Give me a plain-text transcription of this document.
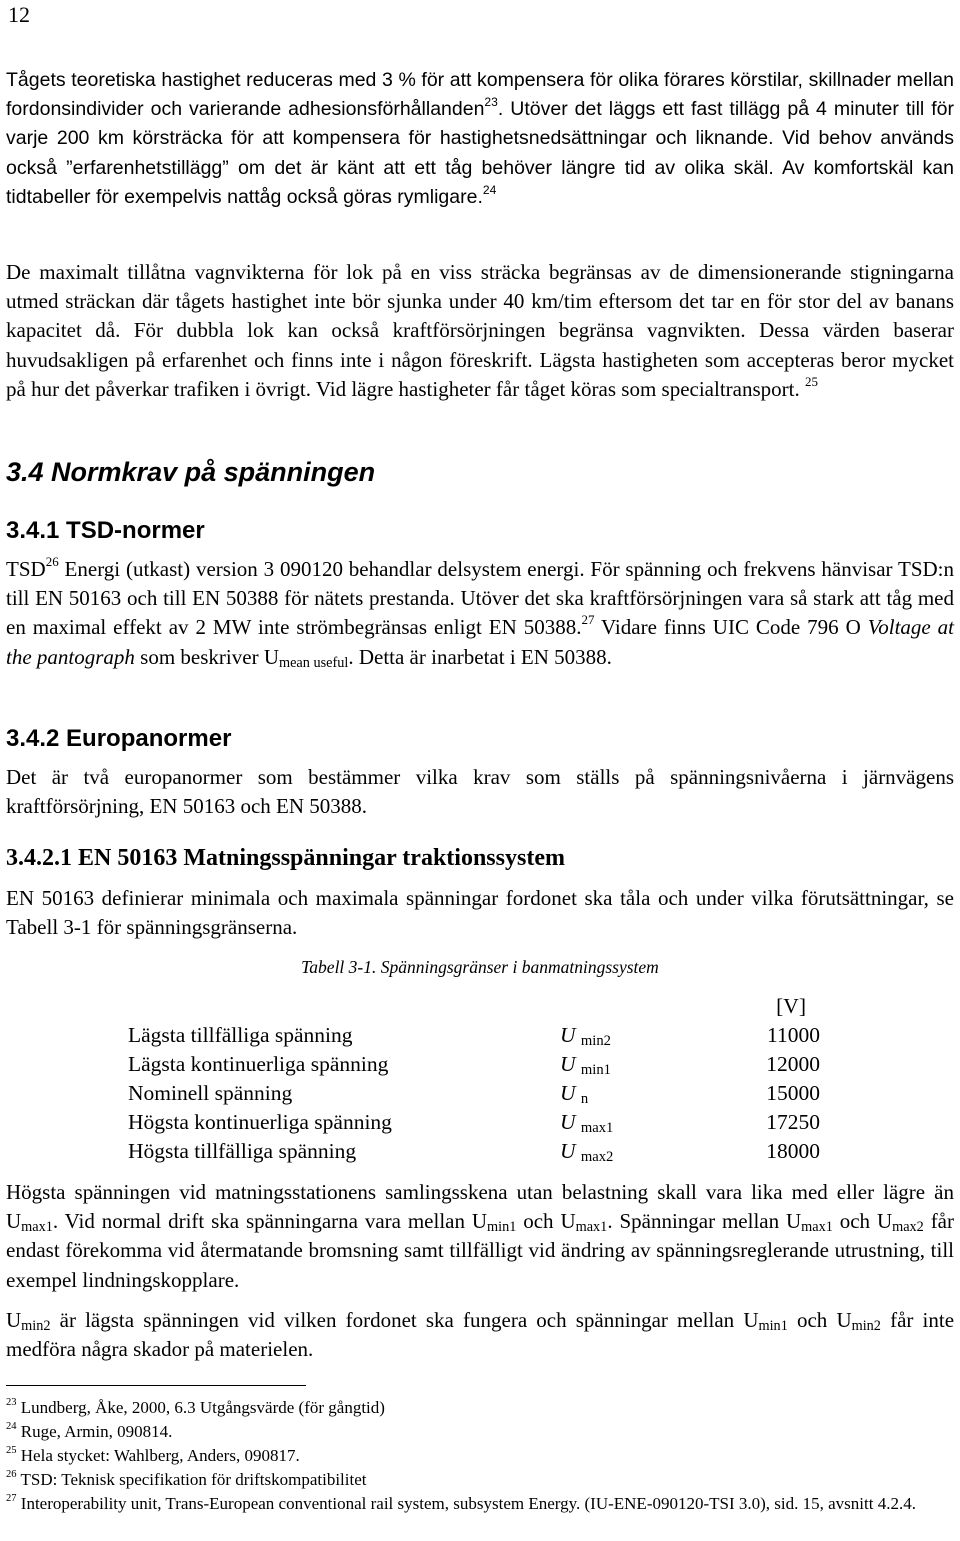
12

Tågets teoretiska hastighet reduceras med 3 % för att kompensera för olika förares körstilar, skillnader mellan fordonsindivider och varierande adhesionsförhållanden$^{23}$. Utöver det läggs ett fast tillägg på 4 minuter till för varje 200 km körsträcka för att kompensera för hastighetsnedsättningar och liknande. Vid behov används också ”erfarenhetstillägg” om det är känt att ett tåg behöver längre tid av olika skäl. Av komfortskäl kan tidtabeller för exempelvis nattåg också göras rymligare.$^{24}$

De maximalt tillåtna vagnvikterna för lok på en viss sträcka begränsas av de dimensionerande stigningarna utmed sträckan där tågets hastighet inte bör sjunka under 40 km/tim eftersom det tar en för stor del av banans kapacitet då. För dubbla lok kan också kraftförsörjningen begränsa vagnvikten. Dessa värden baserar huvudsakligen på erfarenhet och finns inte i någon föreskrift. Lägsta hastigheten som accepteras beror mycket på hur det påverkar trafiken i övrigt. Vid lägre hastigheter får tåget köras som specialtransport. $^{25}$

3.4 Normkrav på spänningen
3.4.1 TSD-normer

TSD$^{26}$ Energi (utkast) version 3 090120 behandlar delsystem energi. För spänning och frekvens hänvisar TSD:n till EN 50163 och till EN 50388 för nätets prestanda. Utöver det ska kraftförsörjningen vara så stark att tåg med en maximal effekt av 2 MW inte strömbegränsas enligt EN 50388.27 Vidare finns UIC Code 796 O Voltage at the pantograph som beskriver Umean useful. Detta är inarbetat i EN 50388.

3.4.2 Europanormer

Det är två europanormer som bestämmer vilka krav som ställs på spänningsnivåerna i järnvägens kraftförsörjning, EN 50163 och EN 50388.

3.4.2.1 EN 50163 Matningsspänningar traktionssystem

EN 50163 definierar minimala och maximala spänningar fordonet ska tåla och under vilka förutsättningar, se Tabell 3-1 för spänningsgränserna.

Tabell 3-1. Spänningsgränser i banmatningssystem
		[V]
Lägsta tillfälliga spänning	U min2	11000
Lägsta kontinuerliga spänning	U min1	12000
Nominell spänning	U n	15000
Högsta kontinuerliga spänning	U max1	17250
Högsta tillfälliga spänning	U max2	18000

Högsta spänningen vid matningsstationens samlingsskena utan belastning skall vara lika med eller lägre än Umax1. Vid normal drift ska spänningarna vara mellan Umin1 och Umax1. Spänningar mellan Umax1 och Umax2 får endast förekomma vid återmatande bromsning samt tillfälligt vid ändring av spänningsreglerande utrustning, till exempel lindningskopplare.

Umin2 är lägsta spänningen vid vilken fordonet ska fungera och spänningar mellan Umin1 och Umin2 får inte medföra några skador på materielen.

$^{23}$ Lundberg, Åke, 2000, 6.3 Utgångsvärde (för gångtid)
$^{24}$ Ruge, Armin, 090814.
$^{25}$ Hela stycket: Wahlberg, Anders, 090817.
$^{26}$ TSD: Teknisk specifikation för driftskompatibilitet
$^{27}$ Interoperability unit, Trans-European conventional rail system, subsystem Energy. (IU-ENE-090120-TSI 3.0), sid. 15, avsnitt 4.2.4.
